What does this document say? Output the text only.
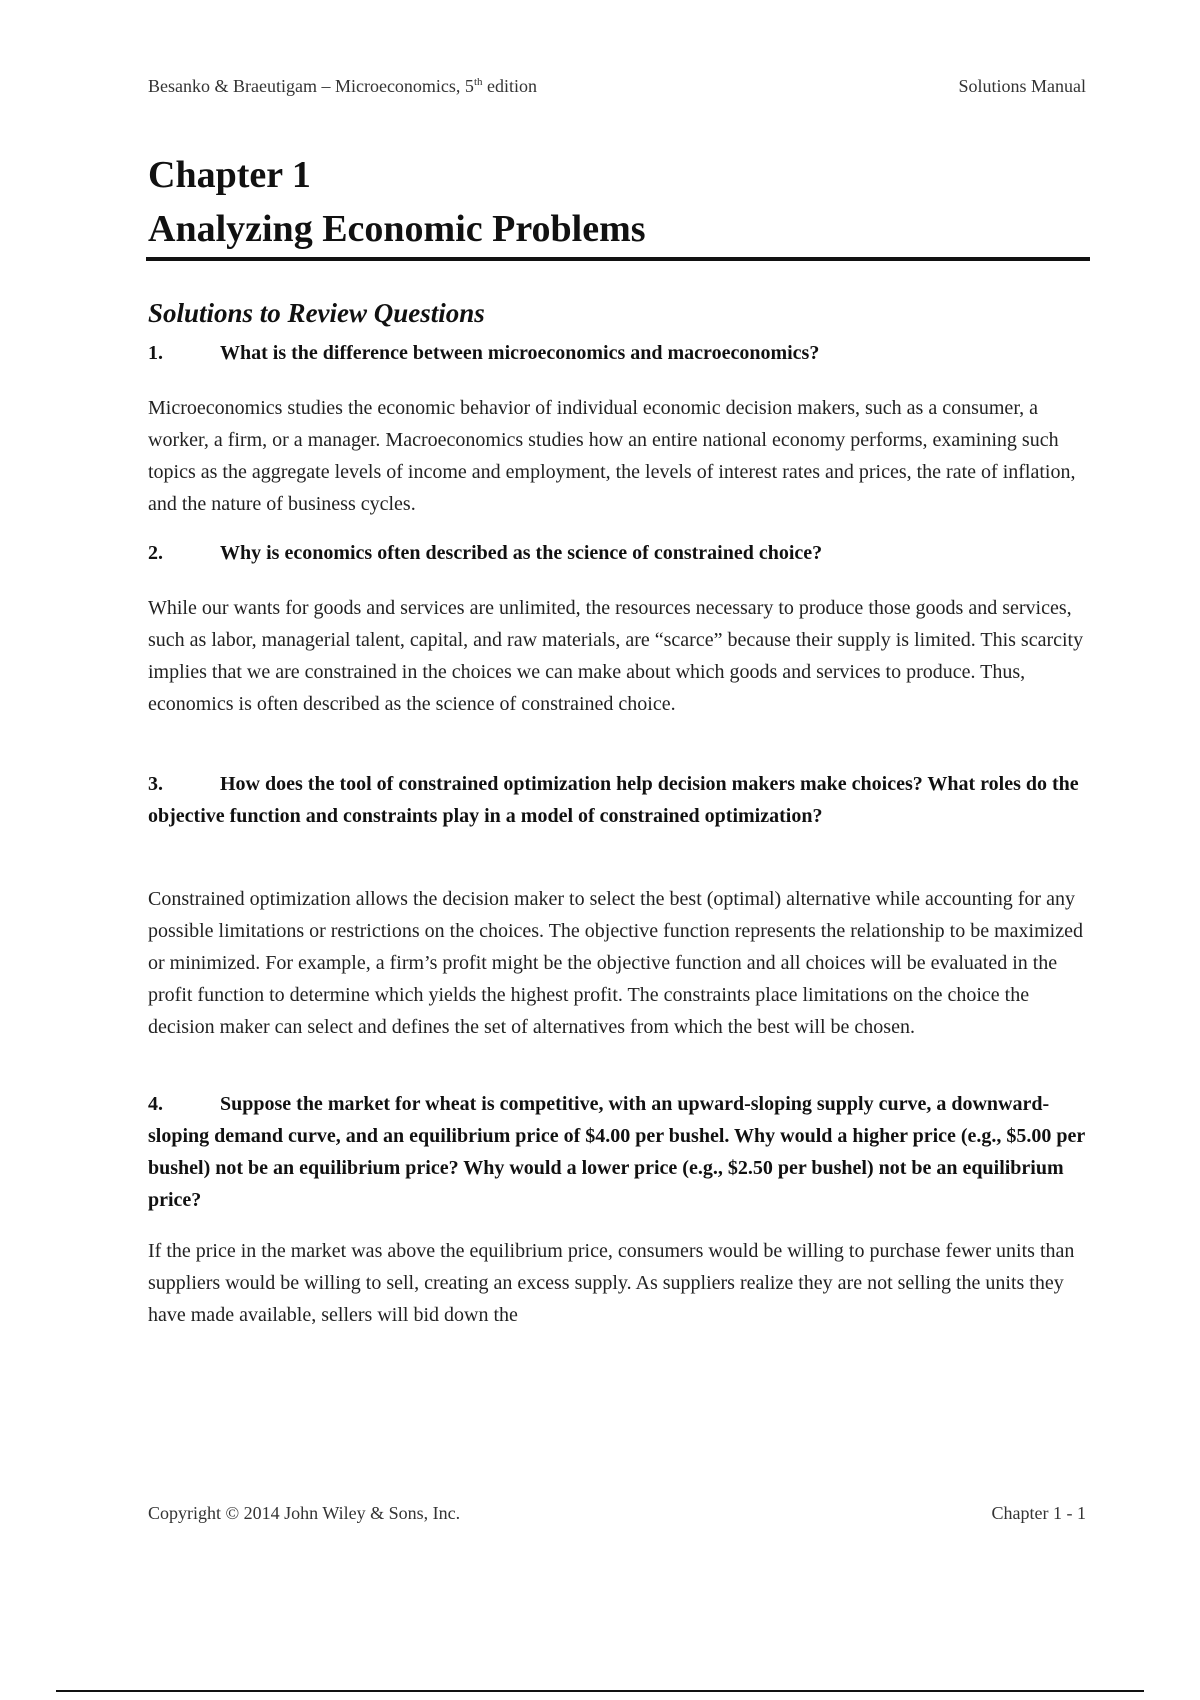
Besanko & Braeutigam – Microeconomics, 5th edition	Solutions Manual
Chapter 1
Analyzing Economic Problems
Solutions to Review Questions
1.	What is the difference between microeconomics and macroeconomics?
Microeconomics studies the economic behavior of individual economic decision makers, such as a consumer, a worker, a firm, or a manager. Macroeconomics studies how an entire national economy performs, examining such topics as the aggregate levels of income and employment, the levels of interest rates and prices, the rate of inflation, and the nature of business cycles.
2.	Why is economics often described as the science of constrained choice?
While our wants for goods and services are unlimited, the resources necessary to produce those goods and services, such as labor, managerial talent, capital, and raw materials, are “scarce” because their supply is limited. This scarcity implies that we are constrained in the choices we can make about which goods and services to produce. Thus, economics is often described as the science of constrained choice.
3.	How does the tool of constrained optimization help decision makers make choices? What roles do the objective function and constraints play in a model of constrained optimization?
Constrained optimization allows the decision maker to select the best (optimal) alternative while accounting for any possible limitations or restrictions on the choices. The objective function represents the relationship to be maximized or minimized. For example, a firm’s profit might be the objective function and all choices will be evaluated in the profit function to determine which yields the highest profit. The constraints place limitations on the choice the decision maker can select and defines the set of alternatives from which the best will be chosen.
4.	Suppose the market for wheat is competitive, with an upward-sloping supply curve, a downward-sloping demand curve, and an equilibrium price of $4.00 per bushel. Why would a higher price (e.g., $5.00 per bushel) not be an equilibrium price? Why would a lower price (e.g., $2.50 per bushel) not be an equilibrium price?
If the price in the market was above the equilibrium price, consumers would be willing to purchase fewer units than suppliers would be willing to sell, creating an excess supply. As suppliers realize they are not selling the units they have made available, sellers will bid down the
Copyright © 2014 John Wiley & Sons, Inc.	Chapter 1 - 1
